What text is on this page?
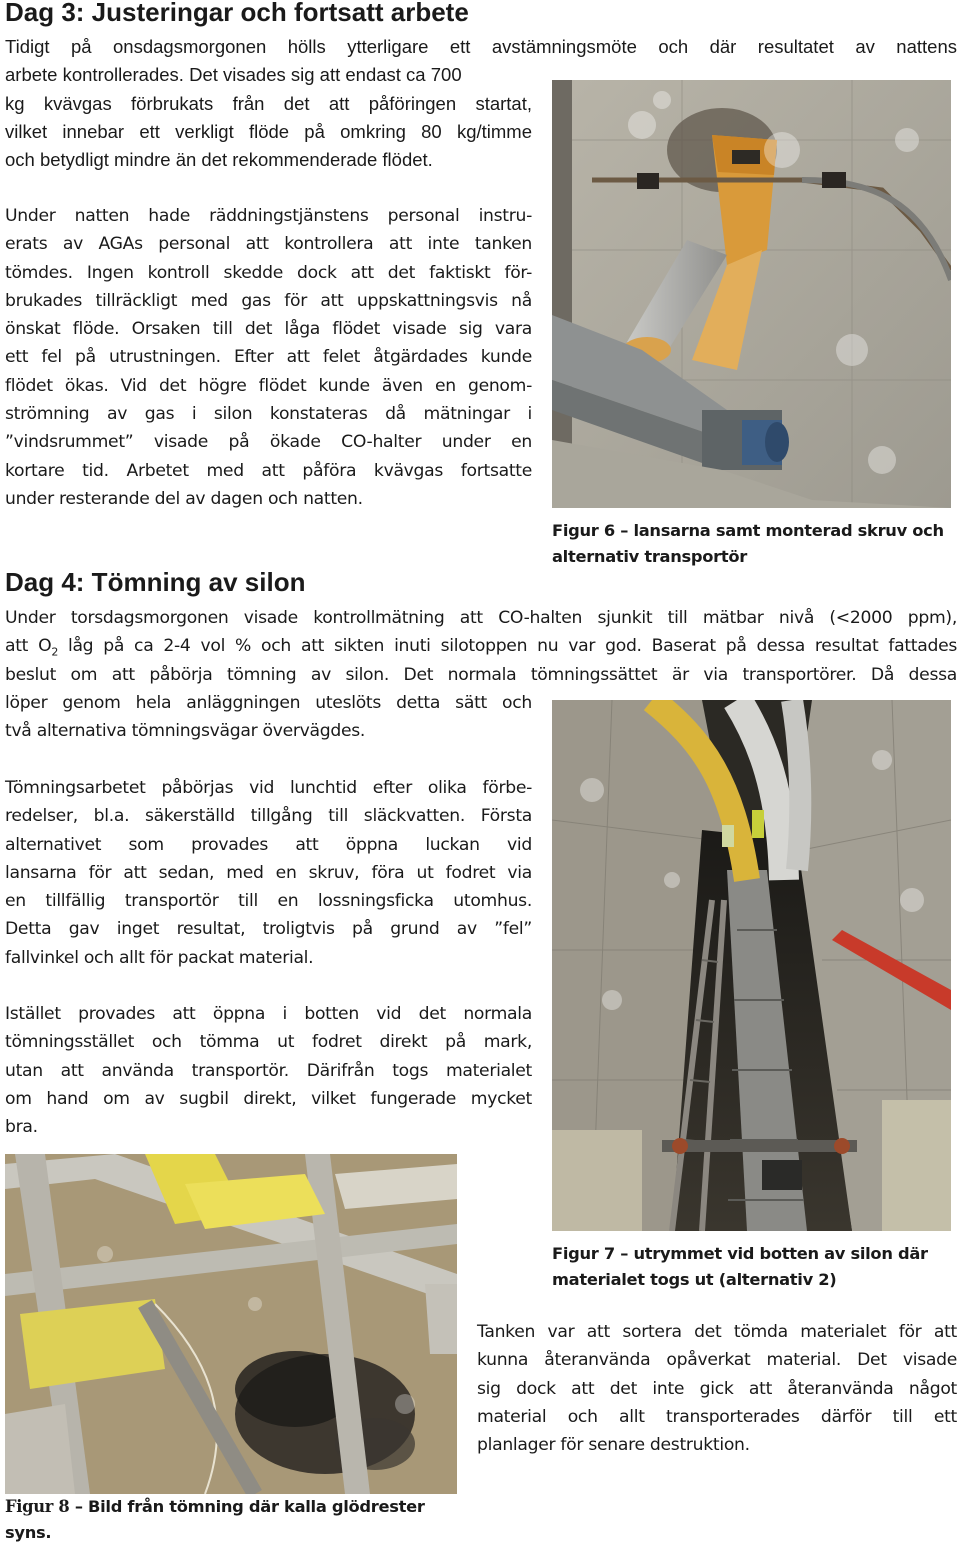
Dag 3: Justeringar och fortsatt arbete
Tidigt på onsdagsmorgonen hölls ytterligare ett avstämningsmöte och där resultatet av nattens
arbete kontrollerades. Det visades sig att endast ca 700
kg kvävgas förbrukats från det att påföringen startat,
vilket innebar ett verkligt flöde på omkring 80 kg/timme
och betydligt mindre än det rekommenderade flödet.
Under natten hade räddningstjänstens personal instru-
erats av AGAs personal att kontrollera att inte tanken
tömdes. Ingen kontroll skedde dock att det faktiskt för-
brukades tillräckligt med gas för att uppskattningsvis nå
önskat flöde. Orsaken till det låga flödet visade sig vara
ett fel på utrustningen. Efter att felet åtgärdades kunde
flödet ökas. Vid det högre flödet kunde även en genom-
strömning av gas i silon konstateras då mätningar i
”vindsrummet” visade på ökade CO-halter under en
kortare tid. Arbetet med att påföra kvävgas fortsatte
under resterande del av dagen och natten.
Figur 6 – lansarna samt monterad skruv och
alternativ transportör
Dag 4: Tömning av silon
Under torsdagsmorgonen visade kontrollmätning att CO-halten sjunkit till mätbar nivå (<2000 ppm),
att $O_2$ låg på ca 2-4 vol % och att sikten inuti silotoppen nu var god. Baserat på dessa resultat fattades
beslut om att påbörja tömning av silon. Det normala tömningssättet är via transportörer. Då dessa
löper genom hela anläggningen uteslöts detta sätt och
två alternativa tömningsvägar övervägdes.
Tömningsarbetet påbörjas vid lunchtid efter olika förbe-
redelser, bl.a. säkerställd tillgång till släckvatten. Första
alternativet som provades att öppna luckan vid
lansarna för att sedan, med en skruv, föra ut fodret via
en tillfällig transportör till en lossningsficka utomhus.
Detta gav inget resultat, troligtvis på grund av ”fel”
fallvinkel och allt för packat material.
Istället provades att öppna i botten vid det normala
tömningsstället och tömma ut fodret direkt på mark,
utan att använda transportör. Därifrån togs materialet
om hand om av sugbil direkt, vilket fungerade mycket
bra.
Figur 7 – utrymmet vid botten av silon där
materialet togs ut (alternativ 2)
Tanken var att sortera det tömda materialet för att
kunna återanvända opåverkat material. Det visade
sig dock att det inte gick att återanvända något
material och allt transporterades därför till ett
planlager för senare destruktion.
Figur 8 – Bild från tömning där kalla glödrester
syns.
